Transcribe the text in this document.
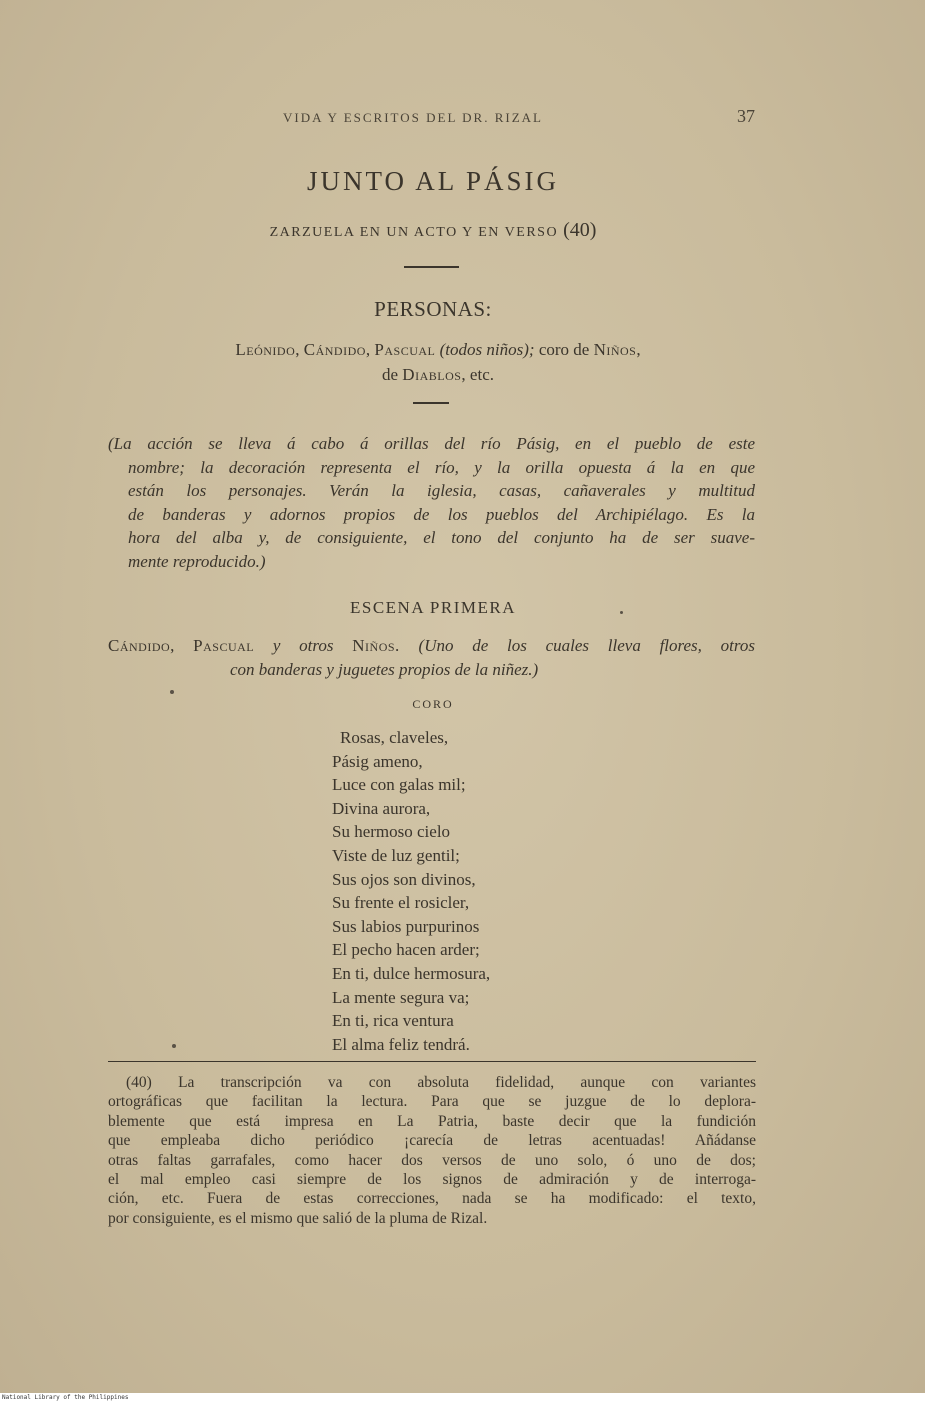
VIDA Y ESCRITOS DEL DR. RIZAL	37
JUNTO AL PÁSIG
ZARZUELA EN UN ACTO Y EN VERSO (40)
PERSONAS:
Leónido, Cándido, Pascual (todos niños); coro de Niños,
de Diablos, etc.
(La acción se lleva á cabo á orillas del río Pásig, en el pueblo de este
nombre; la decoración representa el río, y la orilla opuesta á la en que
están los personajes. Verán la iglesia, casas, cañaverales y multitud
de banderas y adornos propios de los pueblos del Archipiélago. Es la
hora del alba y, de consiguiente, el tono del conjunto ha de ser suave-
mente reproducido.)
ESCENA PRIMERA
Cándido, Pascual y otros Niños. (Uno de los cuales lleva flores, otros
con banderas y juguetes propios de la niñez.)
CORO
Rosas, claveles,
Pásig ameno,
Luce con galas mil;
Divina aurora,
Su hermoso cielo
Viste de luz gentil;
Sus ojos son divinos,
Su frente el rosicler,
Sus labios purpurinos
El pecho hacen arder;
En ti, dulce hermosura,
La mente segura va;
En ti, rica ventura
El alma feliz tendrá.
(40) La transcripción va con absoluta fidelidad, aunque con variantes
ortográficas que facilitan la lectura. Para que se juzgue de lo deplora-
blemente que está impresa en La Patria, baste decir que la fundición
que empleaba dicho periódico ¡carecía de letras acentuadas! Añádanse
otras faltas garrafales, como hacer dos versos de uno solo, ó uno de dos;
el mal empleo casi siempre de los signos de admiración y de interroga-
ción, etc. Fuera de estas correcciones, nada se ha modificado: el texto,
por consiguiente, es el mismo que salió de la pluma de Rizal.
National Library of the Philippines
